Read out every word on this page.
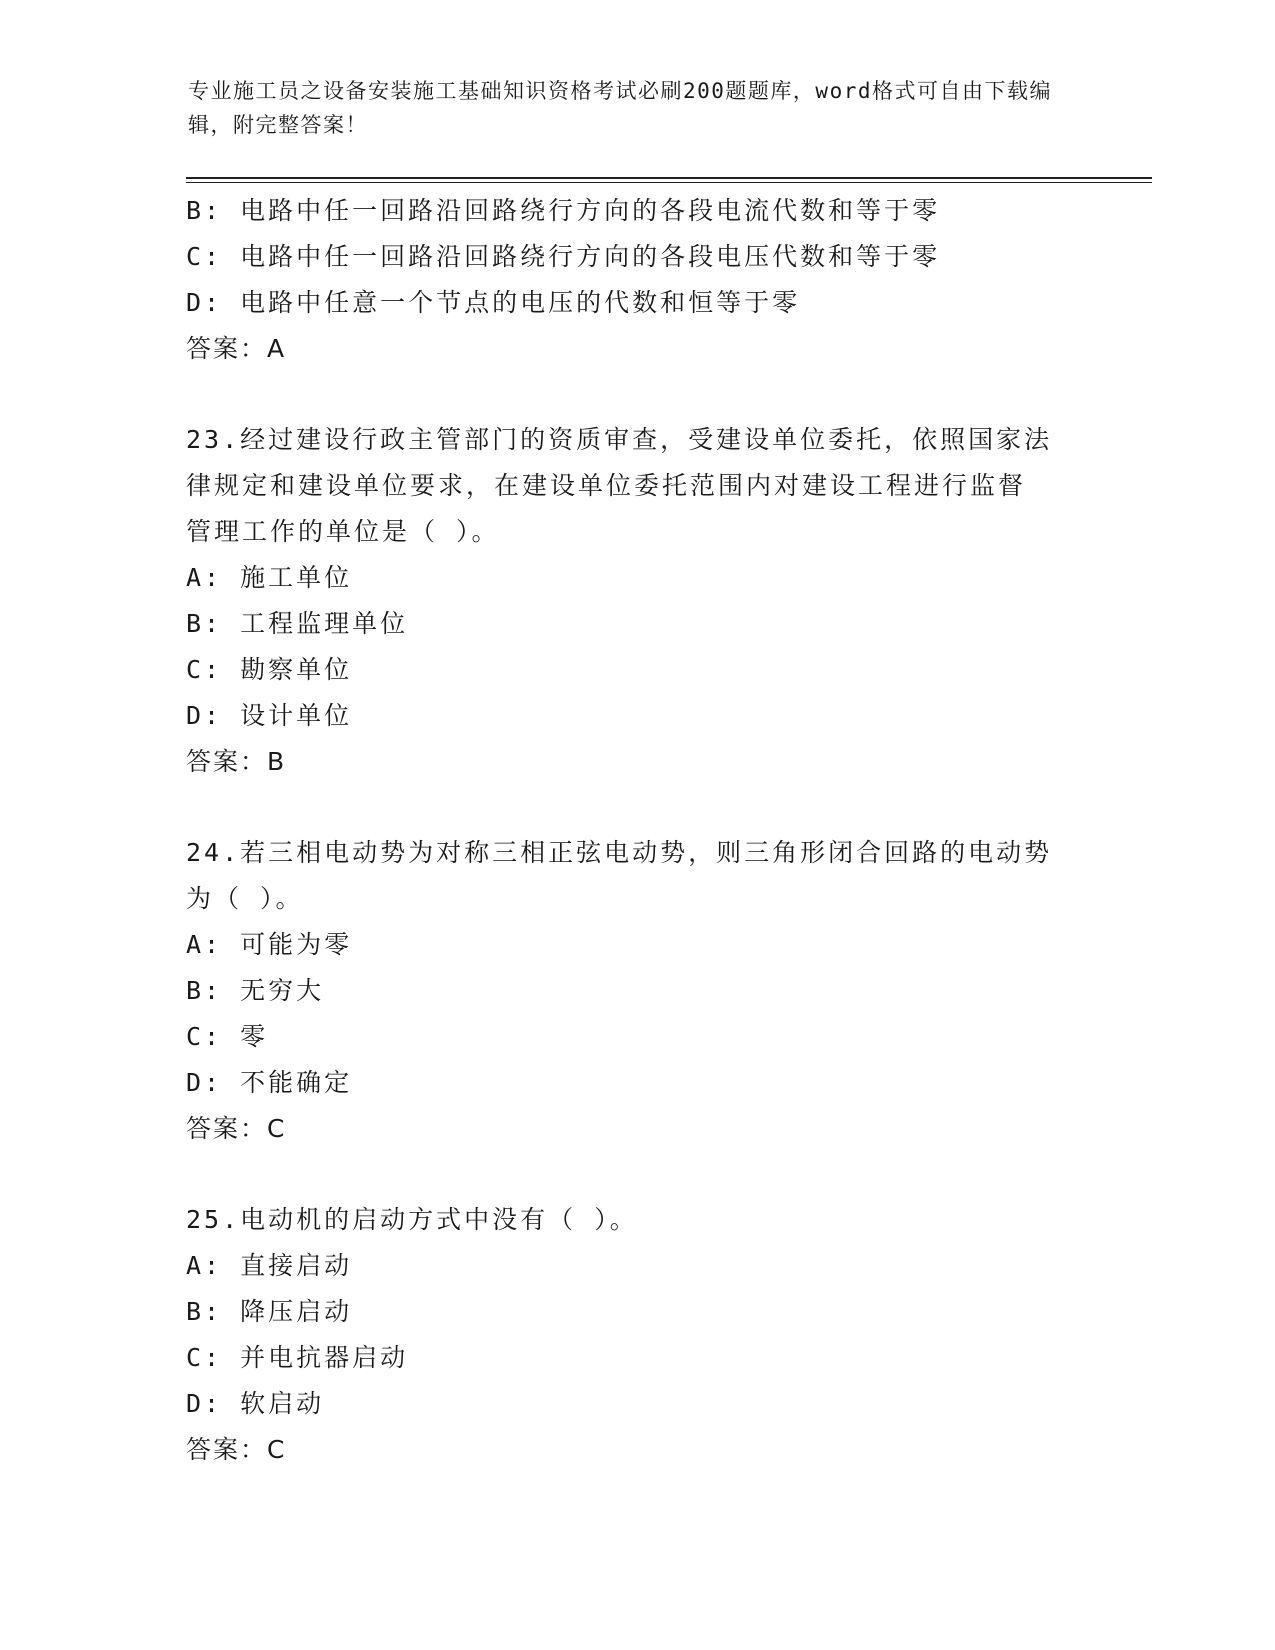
专业施工员之设备安装施工基础知识资格考试必刷200题题库，word格式可自由下载编辑，附完整答案！
B: 电路中任一回路沿回路绕行方向的各段电流代数和等于零
C: 电路中任一回路沿回路绕行方向的各段电压代数和等于零
D: 电路中任意一个节点的电压的代数和恒等于零
答案：A
23.经过建设行政主管部门的资质审查，受建设单位委托，依照国家法
律规定和建设单位要求，在建设单位委托范围内对建设工程进行监督
管理工作的单位是（ ）。
A: 施工单位
B: 工程监理单位
C: 勘察单位
D: 设计单位
答案：B
24.若三相电动势为对称三相正弦电动势，则三角形闭合回路的电动势
为（ ）。
A: 可能为零
B: 无穷大
C: 零
D: 不能确定
答案：C
25.电动机的启动方式中没有（ ）。
A: 直接启动
B: 降压启动
C: 并电抗器启动
D: 软启动
答案：C
